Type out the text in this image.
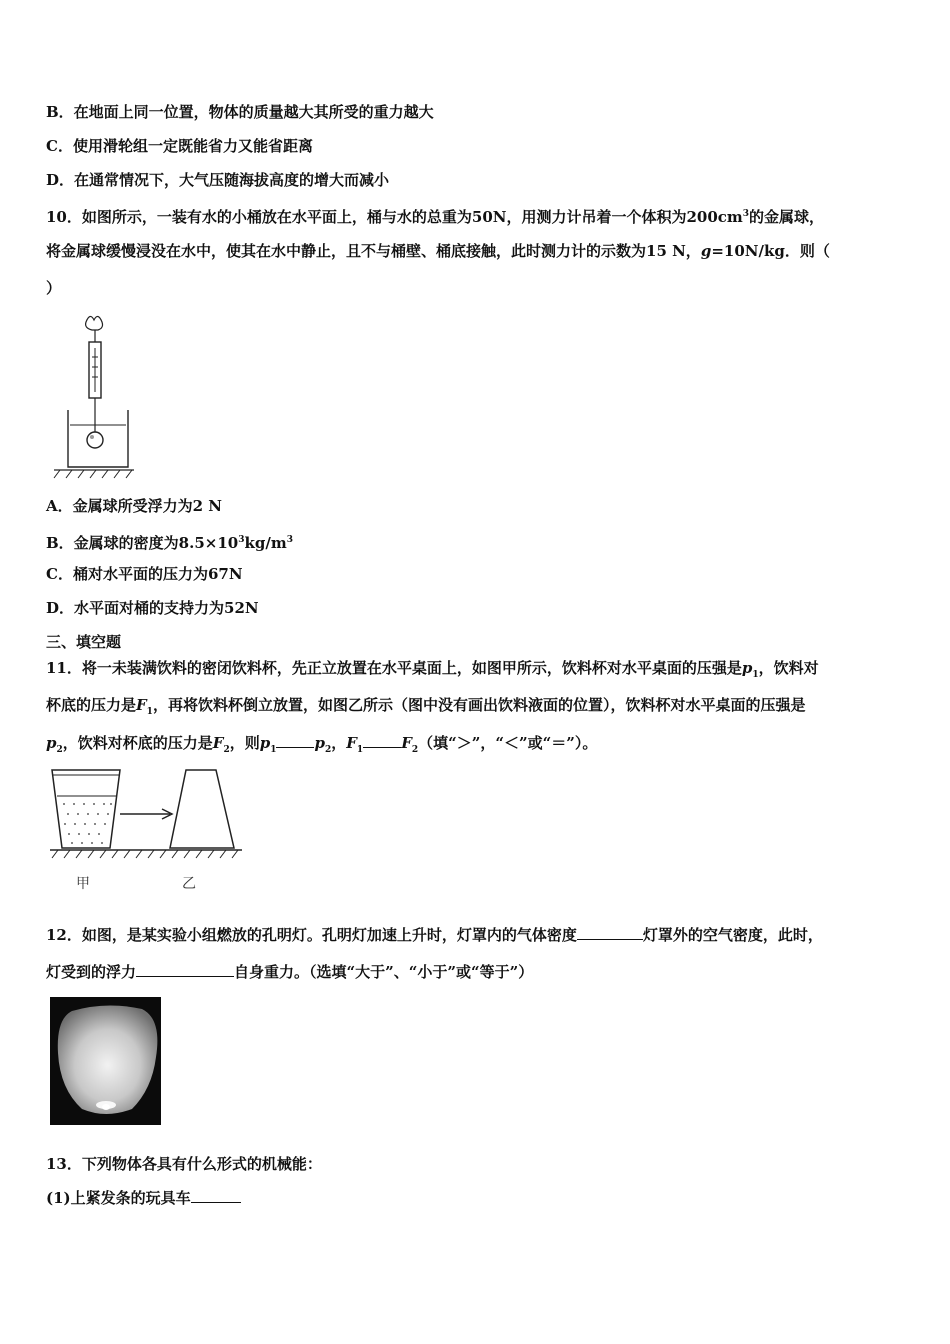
B．在地面上同一位置，物体的质量越大其所受的重力越大
C．使用滑轮组一定既能省力又能省距离
D．在通常情况下，大气压随海拔高度的增大而减小
10．如图所示，一装有水的小桶放在水平面上，桶与水的总重为50N，用测力计吊着一个体积为$200cm^3$的金属球，
将金属球缓慢浸没在水中，使其在水中静止，且不与桶壁、桶底接触，此时测力计的示数为15 N，g=10N/kg．则（
）
A．金属球所受浮力为2 N
B．金属球的密度为$8.5\times 10^3kg/m^3$
C．桶对水平面的压力为67N
D．水平面对桶的支持力为52N
三、填空题
11．将一未装满饮料的密闭饮料杯，先正立放置在水平桌面上，如图甲所示，饮料杯对水平桌面的压强是$p_1$，饮料对
杯底的压力是$F_1$，再将饮料杯倒立放置，如图乙所示（图中没有画出饮料液面的位置），饮料杯对水平桌面的压强是
$p_2$，饮料对杯底的压力是$F_2$，则$p_1$	$p_2$，$F_1$	$F_2$（填“＞”，“＜”或“＝”）。
甲	乙
12．如图，是某实验小组燃放的孔明灯。孔明灯加速上升时，灯罩内的气体密度	灯罩外的空气密度，此时，
灯受到的浮力	自身重力。（选填“大于”、“小于”或“等于”）
13．下列物体各具有什么形式的机械能：
(1)上紧发条的玩具车
